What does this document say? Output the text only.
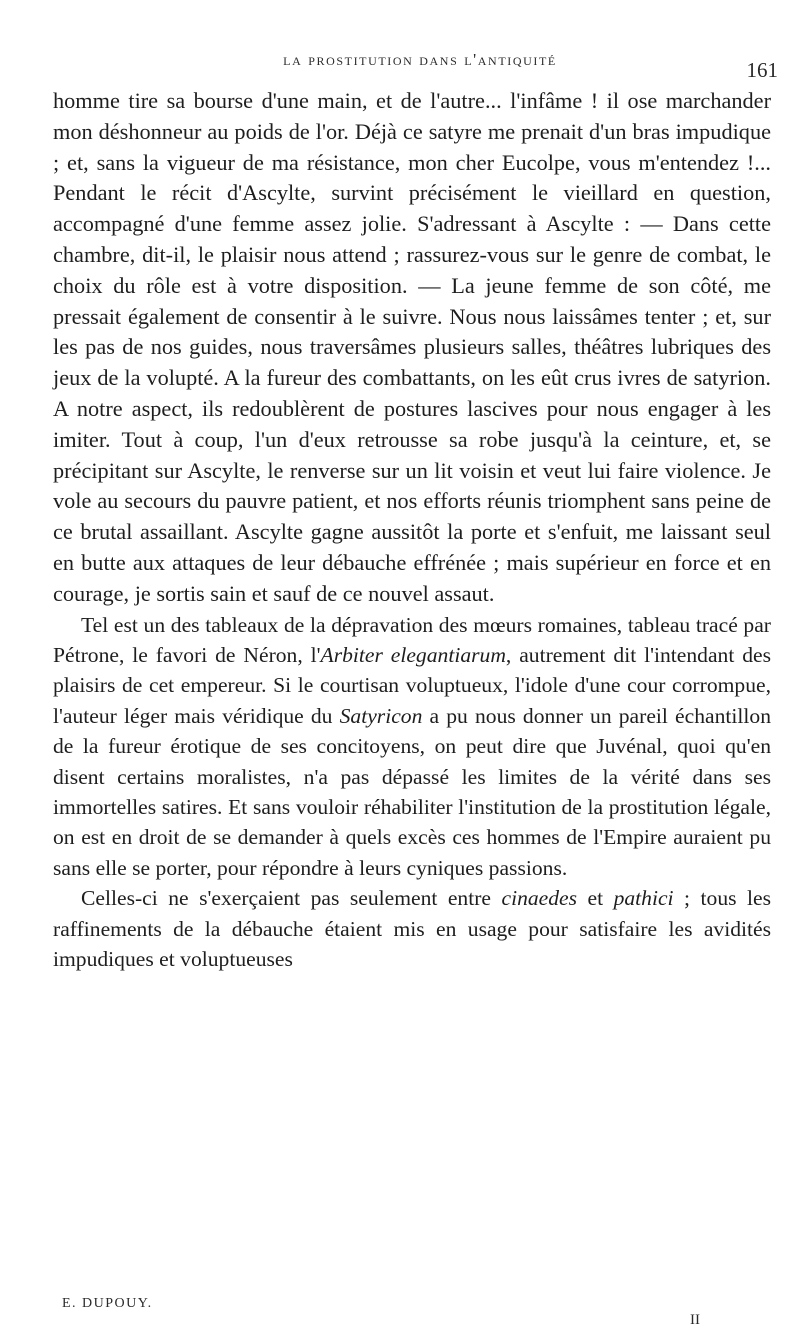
la prostitution dans l'antiquité	161

homme tire sa bourse d'une main, et de l'autre... l'infâme ! il ose marchander mon déshonneur au poids de l'or. Déjà ce satyre me prenait d'un bras impudique ; et, sans la vigueur de ma résistance, mon cher Eucolpe, vous m'entendez !... Pendant le récit d'Ascylte, survint précisément le vieillard en question, accompagné d'une femme assez jolie. S'adressant à Ascylte : — Dans cette chambre, dit-il, le plaisir nous attend ; rassurez-vous sur le genre de combat, le choix du rôle est à votre disposition. — La jeune femme de son côté, me pressait également de consentir à le suivre. Nous nous laissâmes tenter ; et, sur les pas de nos guides, nous traversâmes plusieurs salles, théâtres lubriques des jeux de la volupté. A la fureur des combattants, on les eût crus ivres de satyrion. A notre aspect, ils redoublèrent de postures lascives pour nous engager à les imiter. Tout à coup, l'un d'eux retrousse sa robe jusqu'à la ceinture, et, se précipitant sur Ascylte, le renverse sur un lit voisin et veut lui faire violence. Je vole au secours du pauvre patient, et nos efforts réunis triomphent sans peine de ce brutal assaillant. Ascylte gagne aussitôt la porte et s'enfuit, me laissant seul en butte aux attaques de leur débauche effrénée ; mais supérieur en force et en courage, je sortis sain et sauf de ce nouvel assaut.

Tel est un des tableaux de la dépravation des mœurs romaines, tableau tracé par Pétrone, le favori de Néron, l'Arbiter elegantiarum, autrement dit l'intendant des plaisirs de cet empereur. Si le courtisan voluptueux, l'idole d'une cour corrompue, l'auteur léger mais véridique du Satyricon a pu nous donner un pareil échantillon de la fureur érotique de ses concitoyens, on peut dire que Juvénal, quoi qu'en disent certains moralistes, n'a pas dépassé les limites de la vérité dans ses immortelles satires. Et sans vouloir réhabiliter l'institution de la prostitution légale, on est en droit de se demander à quels excès ces hommes de l'Empire auraient pu sans elle se porter, pour répondre à leurs cyniques passions.

Celles-ci ne s'exerçaient pas seulement entre cinaedes et pathici ; tous les raffinements de la débauche étaient mis en usage pour satisfaire les avidités impudiques et voluptueuses

E. DUPOUY.
II
